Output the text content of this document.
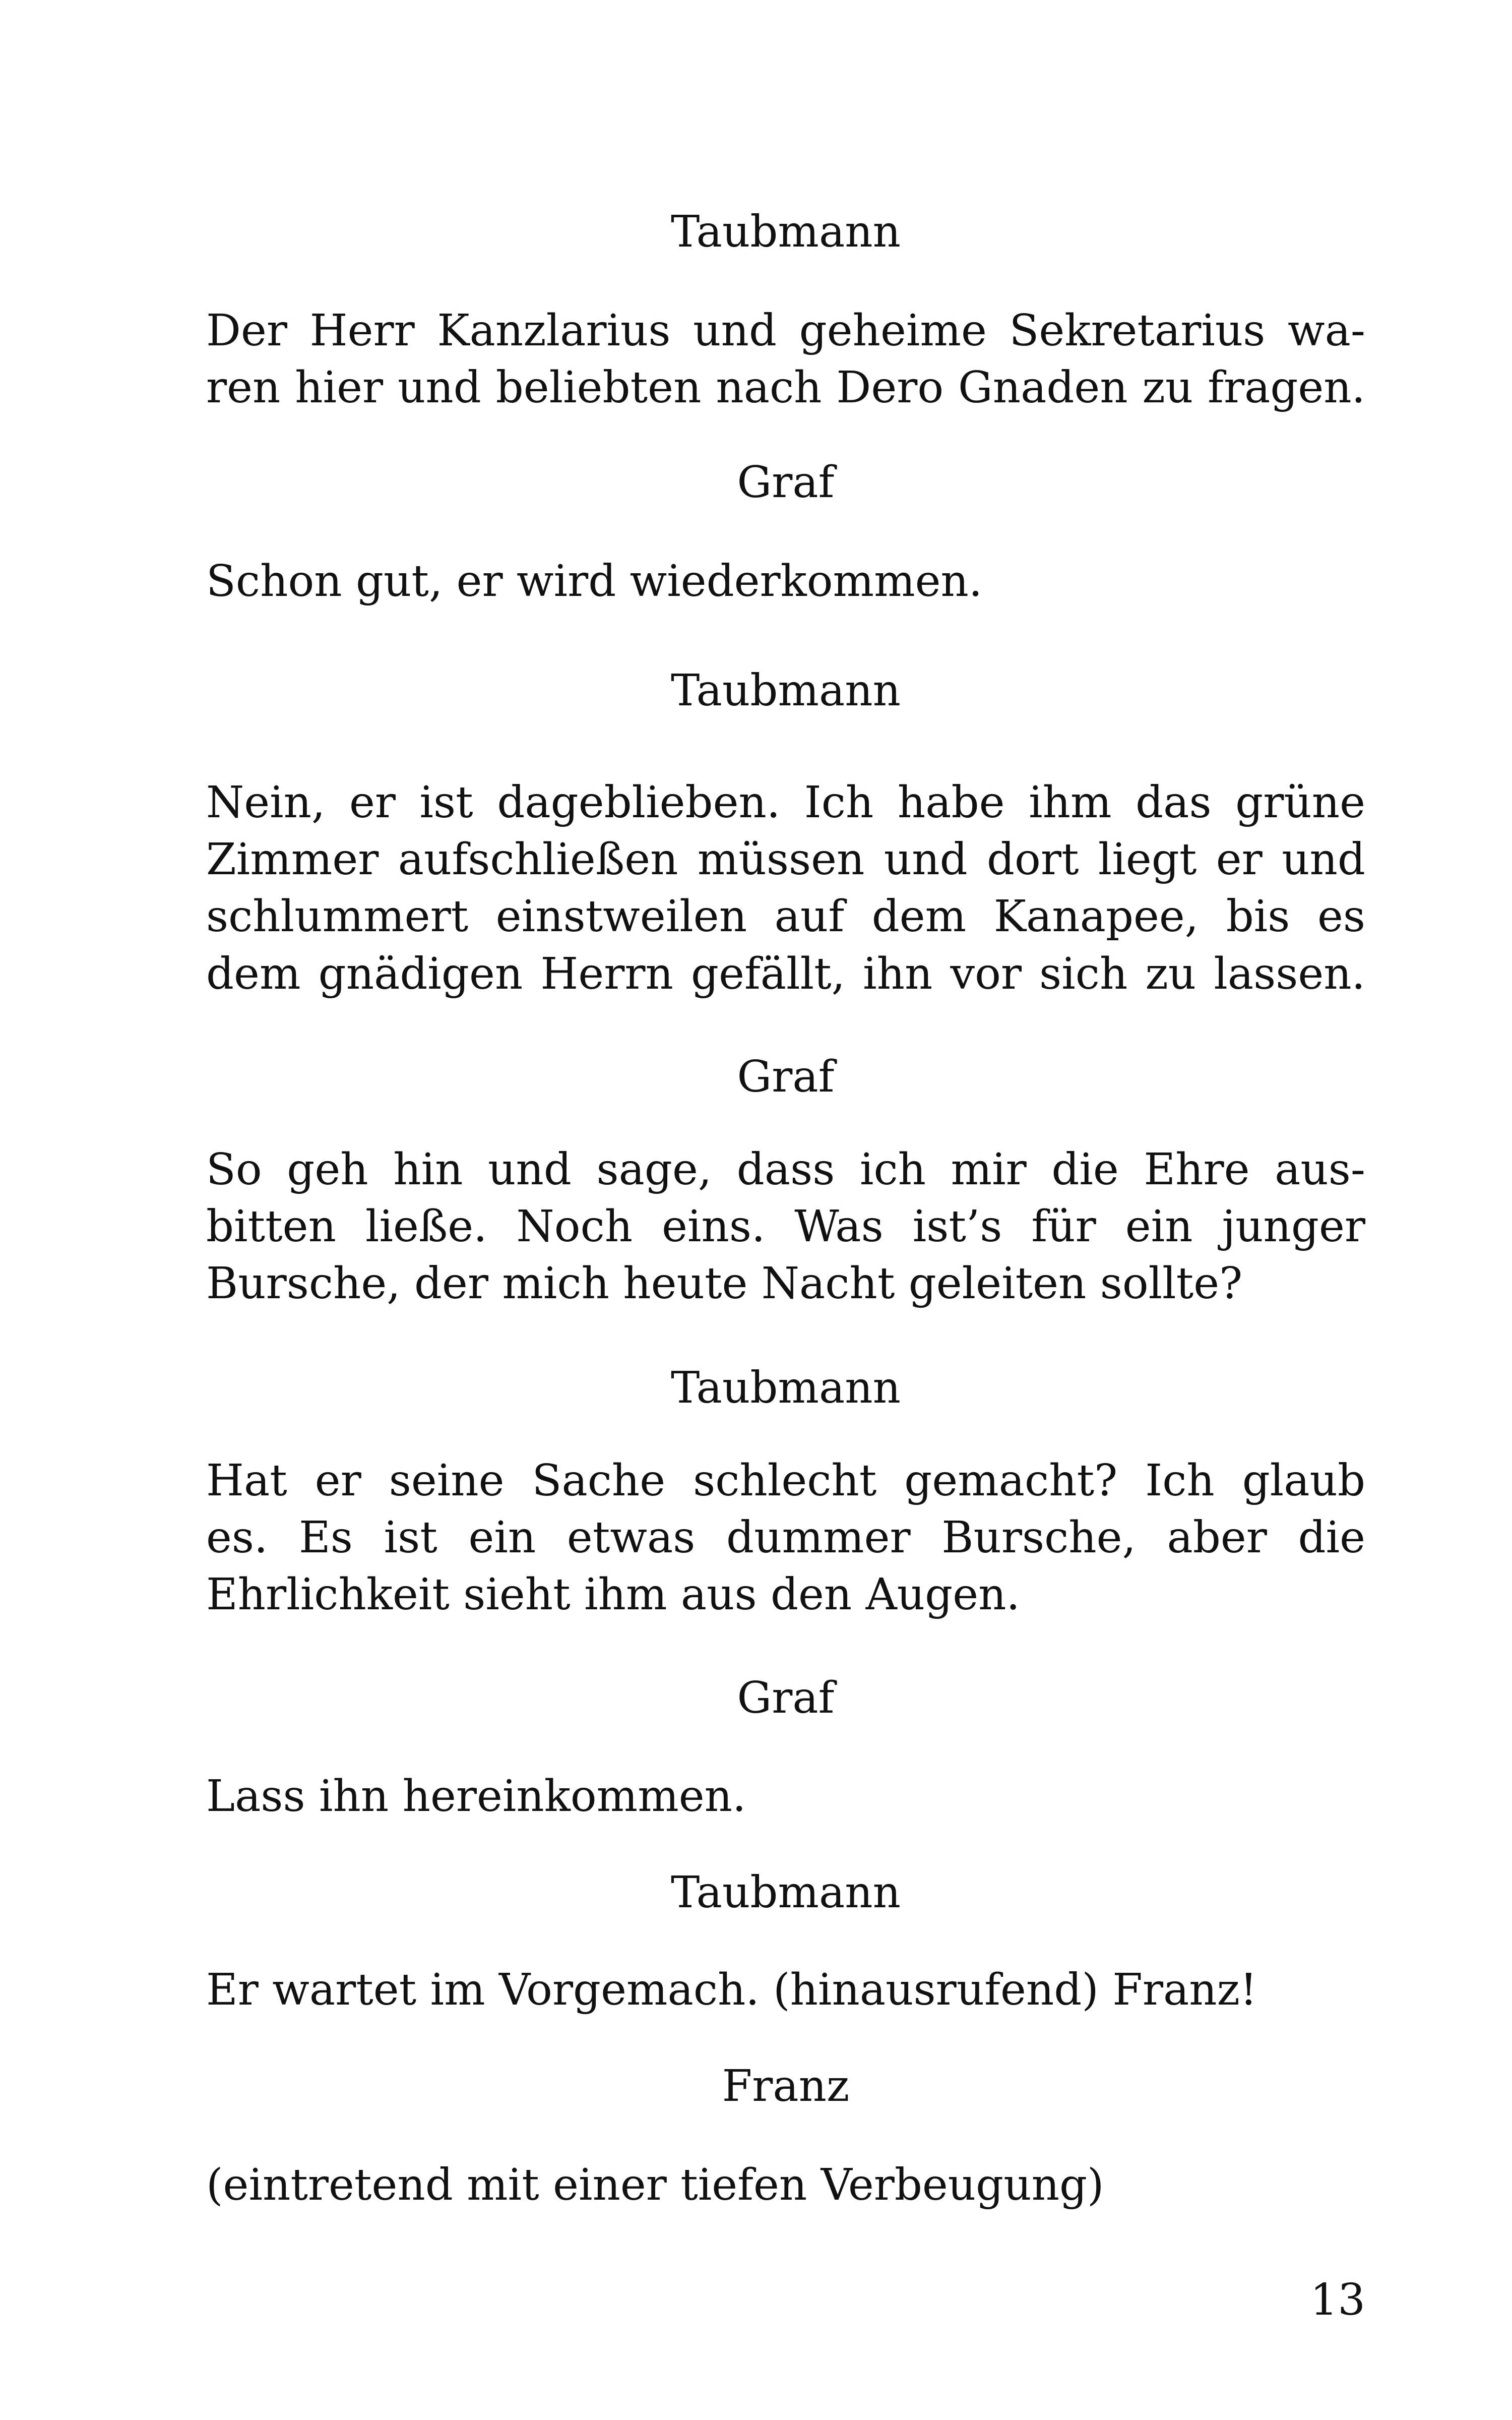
Taubmann
Der Herr Kanzlarius und geheime Sekretarius wa-
ren hier und beliebten nach Dero Gnaden zu fragen.
Graf
Schon gut, er wird wiederkommen.
Taubmann
Nein, er ist dageblieben. Ich habe ihm das grüne
Zimmer aufschließen müssen und dort liegt er und
schlummert einstweilen auf dem Kanapee, bis es
dem gnädigen Herrn gefällt, ihn vor sich zu lassen.
Graf
So geh hin und sage, dass ich mir die Ehre aus-
bitten ließe. Noch eins. Was ist’s für ein junger
Bursche, der mich heute Nacht geleiten sollte?
Taubmann
Hat er seine Sache schlecht gemacht? Ich glaub
es. Es ist ein etwas dummer Bursche, aber die
Ehrlichkeit sieht ihm aus den Augen.
Graf
Lass ihn hereinkommen.
Taubmann
Er wartet im Vorgemach. (hinausrufend) Franz!
Franz
(eintretend mit einer tiefen Verbeugung)
13
